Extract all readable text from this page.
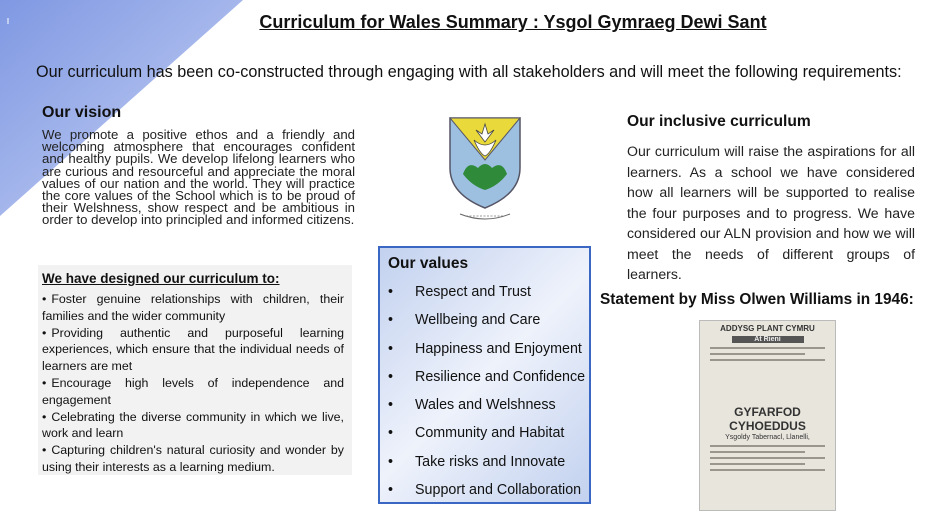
Curriculum for Wales Summary : Ysgol Gymraeg Dewi Sant
Our curriculum has been co-constructed through engaging with all stakeholders and will meet the following requirements:
Our vision
We promote a positive ethos and a friendly and welcoming atmosphere that encourages confident and healthy pupils. We develop lifelong learners who are curious and resourceful and appreciate the moral values of our nation and the world. They will practice the core values of the School which is to be proud of their Welshness, show respect and be ambitious in order to develop into principled and informed citizens.
We have designed our curriculum to:
• Foster genuine relationships with children, their families and the wider community
• Providing authentic and purposeful learning experiences, which ensure that the individual needs of learners are met
• Encourage high levels of independence and engagement
• Celebrating the diverse community in which we live, work and learn
• Capturing children's natural curiosity and wonder by using their interests as a learning medium.
Our values
• Respect and Trust
• Wellbeing and Care
• Happiness and Enjoyment
• Resilience and Confidence
• Wales and Welshness
• Community and Habitat
• Take risks and Innovate
• Support and Collaboration
Our inclusive curriculum
Our curriculum will raise the aspirations for all learners. As a school we have considered how all learners will be supported to realise the four purposes and to progress. We have considered our ALN provision and how we will meet the needs of different groups of learners.
Statement by Miss Olwen Williams in 1946:
ADDYSG PLANT CYMRU
At Rieni
GYFARFOD CYHOEDDUS
Ysgoldy Tabernacl, Llanelli,
